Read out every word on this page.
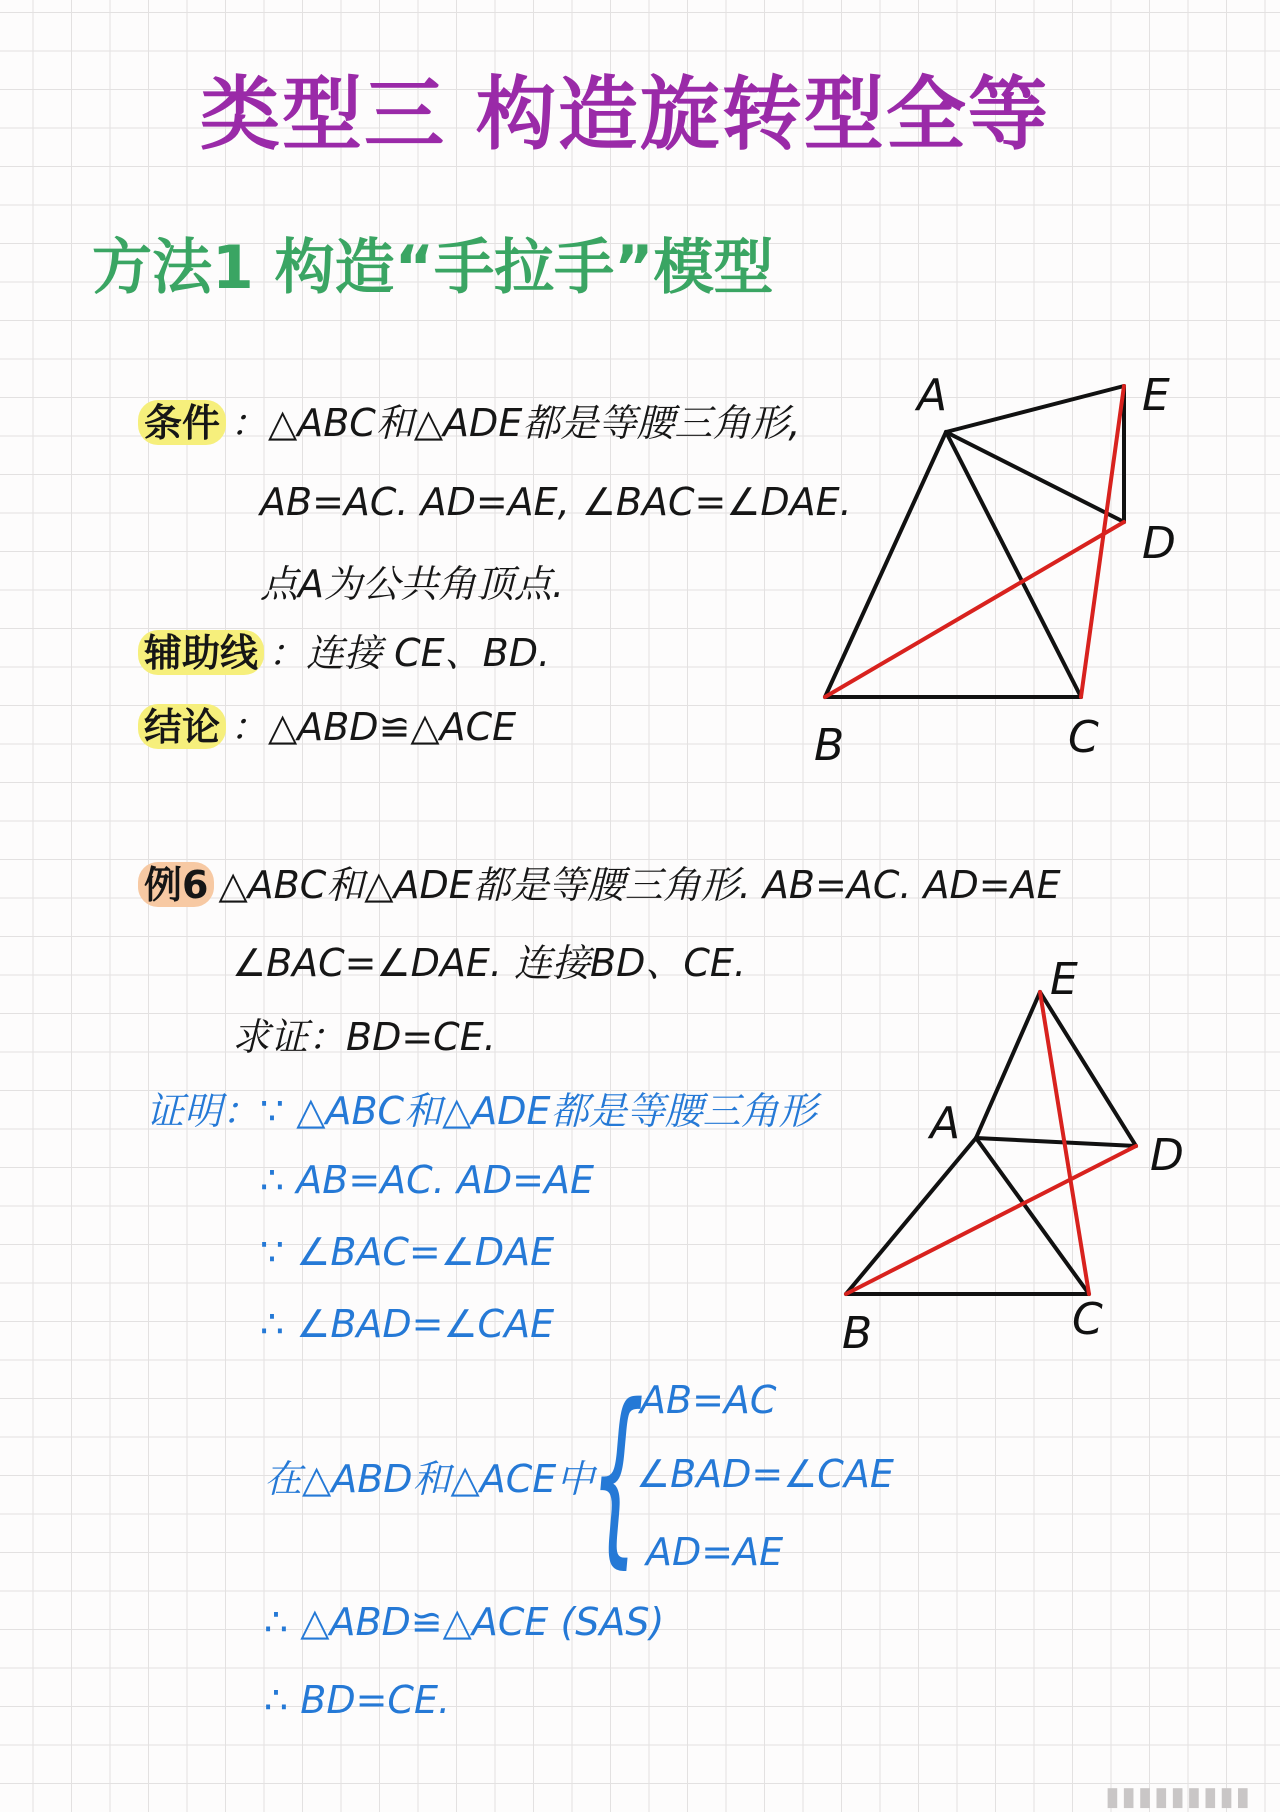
类型三 构造旋转型全等
方法1 构造“手拉手”模型
条件 ：△ABC和△ADE都是等腰三角形,
AB=AC. AD=AE, ∠BAC=∠DAE.
点A为公共角顶点.
辅助线 ：连接 CE、BD.
结论 ：△ABD≌△ACE
A	E
D
B	C
例6 △ABC和△ADE都是等腰三角形. AB=AC. AD=AE
∠BAC=∠DAE. 连接BD、CE.
求证：BD=CE.
证明：∵ △ABC和△ADE都是等腰三角形
∴ AB=AC. AD=AE
∵ ∠BAC=∠DAE
∴ ∠BAD=∠CAE
在△ABD和△ACE中
{
AB=AC
∠BAD=∠CAE
AD=AE
∴ △ABD≌△ACE (SAS)
∴ BD=CE.
E
A
D
B	C
▮▮▮▮▮▮▮▮▮
